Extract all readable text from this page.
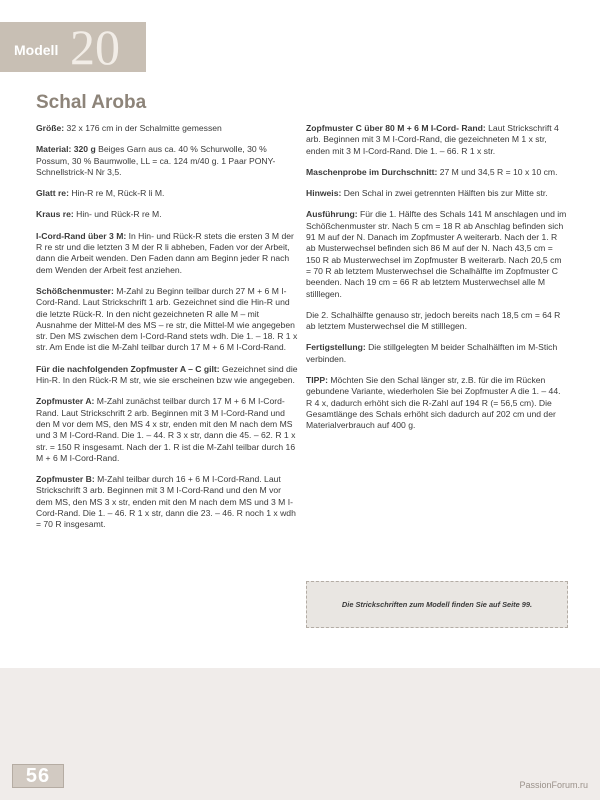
Modell 20
Schal Aroba

Größe: 32 x 176 cm in der Schalmitte gemessen

Material: 320 g Beiges Garn aus ca. 40 % Schurwolle, 30 % Possum, 30 % Baumwolle, LL = ca. 124 m/40 g. 1 Paar PONY-Schnellstrick-N Nr 3,5.

Glatt re: Hin-R re M, Rück-R li M.

Kraus re: Hin- und Rück-R re M.

I-Cord-Rand über 3 M: In Hin- und Rück-R stets die ersten 3 M der R re str und die letzten 3 M der R li abheben, Faden vor der Arbeit, dann die Arbeit wenden. Den Faden dann am Beginn jeder R nach dem Wenden der Arbeit fest anziehen.

Schößchenmuster: M-Zahl zu Beginn teilbar durch 27 M + 6 M I-Cord-Rand. Laut Strickschrift 1 arb. Gezeichnet sind die Hin-R und die letzte Rück-R. In den nicht gezeichneten R alle M – mit Ausnahme der Mittel-M des MS – re str, die Mittel-M wie angegeben str. Den MS zwischen dem I-Cord-Rand stets wdh. Die 1. – 18. R 1 x str. Am Ende ist die M-Zahl teilbar durch 17 M + 6 M I-Cord-Rand.

Für die nachfolgenden Zopfmuster A – C gilt: Gezeichnet sind die Hin-R. In den Rück-R M str, wie sie erscheinen bzw wie angegeben.

Zopfmuster A: M-Zahl zunächst teilbar durch 17 M + 6 M I-Cord-Rand. Laut Strickschrift 2 arb. Beginnen mit 3 M I-Cord-Rand und den M vor dem MS, den MS 4 x str, enden mit den M nach dem MS und 3 M I-Cord-Rand. Die 1. – 44. R 3 x str, dann die 45. – 62. R 1 x str. = 150 R insgesamt. Nach der 1. R ist die M-Zahl teilbar durch 16 M + 6 M I-Cord-Rand.

Zopfmuster B: M-Zahl teilbar durch 16 + 6 M I-Cord-Rand. Laut Strickschrift 3 arb. Beginnen mit 3 M I-Cord-Rand und den M vor dem MS, den MS 3 x str, enden mit den M nach dem MS und 3 M I-Cord-Rand. Die 1. – 46. R 1 x str, dann die 23. – 46. R noch 1 x wdh = 70 R insgesamt.

Zopfmuster C über 80 M + 6 M I-Cord- Rand: Laut Strickschrift 4 arb. Beginnen mit 3 M I-Cord-Rand, die gezeichneten M 1 x str, enden mit 3 M I-Cord-Rand. Die 1. – 66. R 1 x str.

Maschenprobe im Durchschnitt: 27 M und 34,5 R = 10 x 10 cm.

Hinweis: Den Schal in zwei getrennten Hälften bis zur Mitte str.

Ausführung: Für die 1. Hälfte des Schals 141 M anschlagen und im Schößchenmuster str. Nach 5 cm = 18 R ab Anschlag befinden sich 91 M auf der N. Danach im Zopfmuster A weiterarb. Nach der 1. R ab Musterwechsel befinden sich 86 M auf der N. Nach 43,5 cm = 150 R ab Musterwechsel im Zopfmuster B weiterarb. Nach 20,5 cm = 70 R ab letztem Musterwechsel die Schalhälfte im Zopfmuster C beenden. Nach 19 cm = 66 R ab letztem Musterwechsel alle M stilllegen.

Die 2. Schalhälfte genauso str, jedoch bereits nach 18,5 cm = 64 R ab letztem Musterwechsel die M stilllegen.

Fertigstellung: Die stillgelegten M beider Schalhälften im M-Stich verbinden.

TIPP: Möchten Sie den Schal länger str, z.B. für die im Rücken gebundene Variante, wiederholen Sie bei Zopfmuster A die 1. – 44. R 4 x, dadurch erhöht sich die R-Zahl auf 194 R (= 56,5 cm). Die Gesamtlänge des Schals erhöht sich dadurch auf 202 cm und der Materialverbrauch auf 400 g.

Die Strickschriften zum Modell finden Sie auf Seite 99.
56	PassionForum.ru
